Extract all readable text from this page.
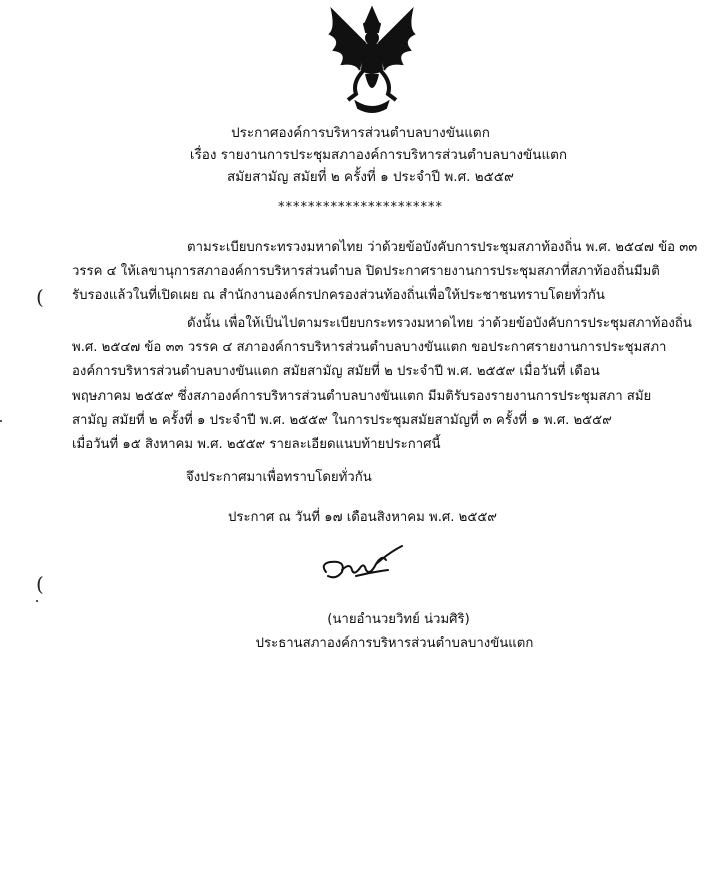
ประกาศองค์การบริหารส่วนตำบลบางขันแตก
เรื่อง รายงานการประชุมสภาองค์การบริหารส่วนตำบลบางขันแตก
สมัยสามัญ สมัยที่ ๒ ครั้งที่ ๑ ประจำปี พ.ศ. ๒๕๕๙
**********************
ตามระเบียบกระทรวงมหาดไทย ว่าด้วยข้อบังคับการประชุมสภาท้องถิ่น พ.ศ. ๒๕๔๗ ข้อ ๓๓
วรรค ๔ ให้เลขานุการสภาองค์การบริหารส่วนตำบล ปิดประกาศรายงานการประชุมสภาที่สภาท้องถิ่นมีมติ
รับรองแล้วในที่เปิดเผย ณ สำนักงานองค์กรปกครองส่วนท้องถิ่นเพื่อให้ประชาชนทราบโดยทั่วกัน
ดังนั้น เพื่อให้เป็นไปตามระเบียบกระทรวงมหาดไทย ว่าด้วยข้อบังคับการประชุมสภาท้องถิ่น
พ.ศ. ๒๕๔๗ ข้อ ๓๓ วรรค ๔ สภาองค์การบริหารส่วนตำบลบางขันแตก ขอประกาศรายงานการประชุมสภา
องค์การบริหารส่วนตำบลบางขันแตก สมัยสามัญ สมัยที่ ๒ ประจำปี พ.ศ. ๒๕๕๙ เมื่อวันที่ เดือน
พฤษภาคม ๒๕๕๙ ซึ่งสภาองค์การบริหารส่วนตำบลบางขันแตก มีมติรับรองรายงานการประชุมสภา สมัย
สามัญ สมัยที่ ๒ ครั้งที่ ๑ ประจำปี พ.ศ. ๒๕๕๙ ในการประชุมสมัยสามัญที่ ๓ ครั้งที่ ๑ พ.ศ. ๒๕๕๙
เมื่อวันที่ ๑๕ สิงหาคม พ.ศ. ๒๕๕๙ รายละเอียดแนบท้ายประกาศนี้
จึงประกาศมาเพื่อทราบโดยทั่วกัน
ประกาศ ณ วันที่ ๑๗ เดือนสิงหาคม พ.ศ. ๒๕๕๙
(นายอำนวยวิทย์ น่วมศิริ)
ประธานสภาองค์การบริหารส่วนตำบลบางขันแตก
(
(
